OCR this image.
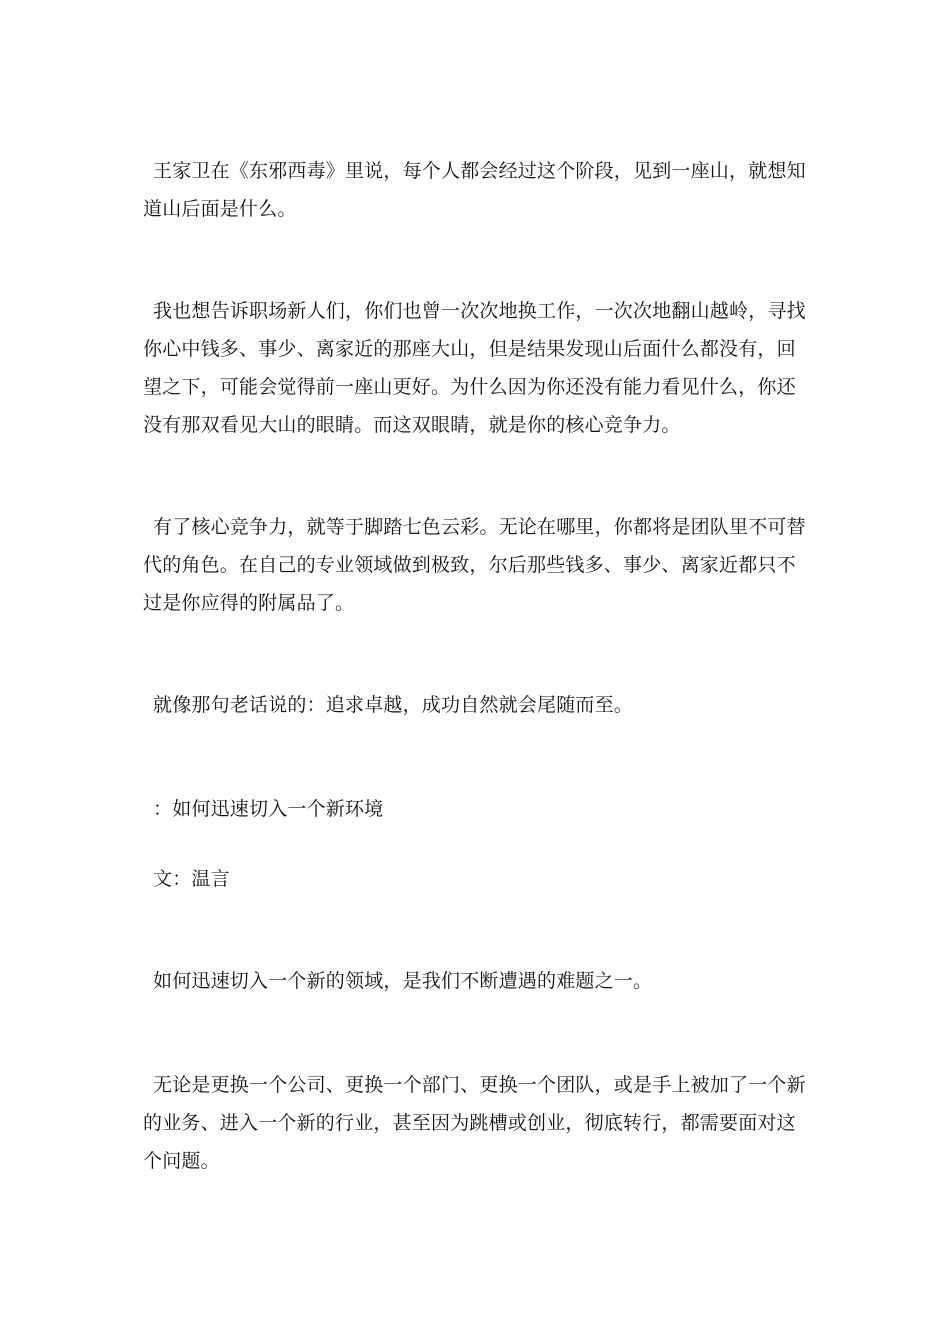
王家卫在《东邪西毒》里说，每个人都会经过这个阶段，见到一座山，就想知道山后面是什么。

我也想告诉职场新人们，你们也曾一次次地换工作，一次次地翻山越岭，寻找你心中钱多、事少、离家近的那座大山，但是结果发现山后面什么都没有，回望之下，可能会觉得前一座山更好。为什么因为你还没有能力看见什么，你还没有那双看见大山的眼睛。而这双眼睛，就是你的核心竞争力。

有了核心竞争力，就等于脚踏七色云彩。无论在哪里，你都将是团队里不可替代的角色。在自己的专业领域做到极致，尔后那些钱多、事少、离家近都只不过是你应得的附属品了。

就像那句老话说的：追求卓越，成功自然就会尾随而至。

：如何迅速切入一个新环境

文：温言

如何迅速切入一个新的领域，是我们不断遭遇的难题之一。

无论是更换一个公司、更换一个部门、更换一个团队，或是手上被加了一个新的业务、进入一个新的行业，甚至因为跳槽或创业，彻底转行，都需要面对这个问题。
